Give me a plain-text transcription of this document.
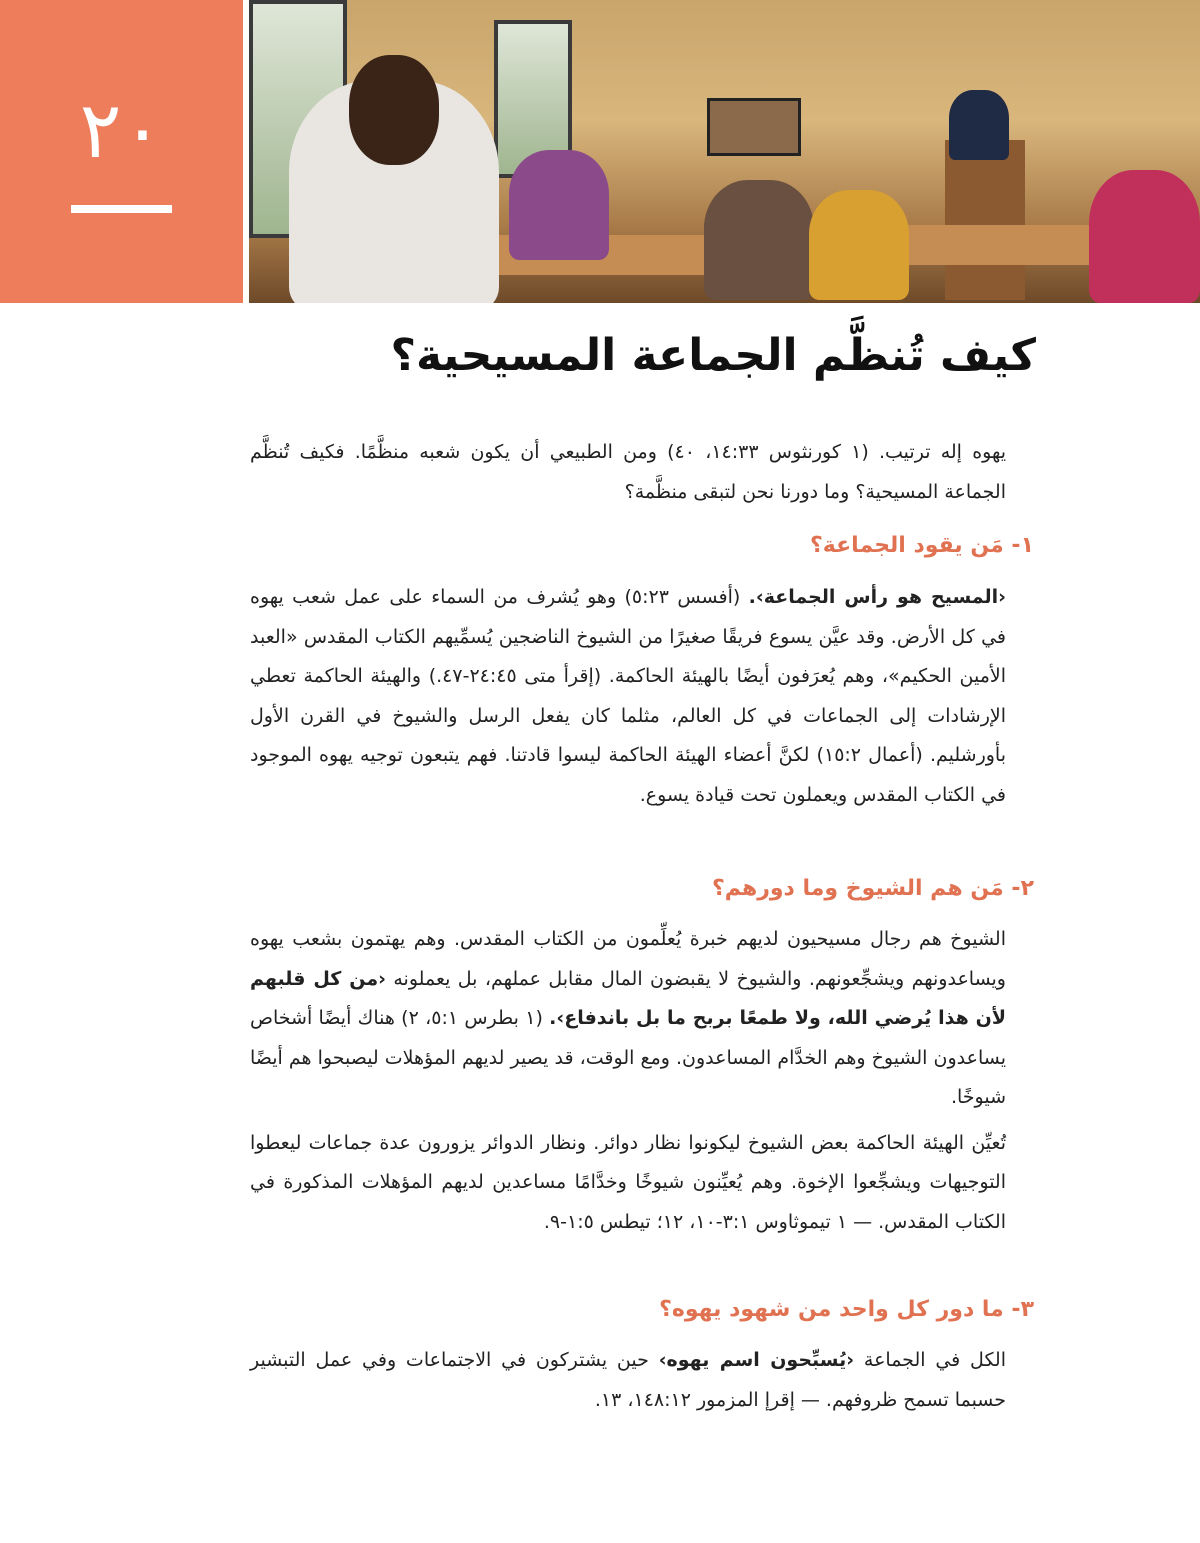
٢٠
كيف تُنظَّم الجماعة المسيحية؟

يهوه إله ترتيب. (١ كورنثوس ١٤:٣٣، ٤٠) ومن الطبيعي أن يكون شعبه منظَّمًا. فكيف تُنظَّم الجماعة المسيحية؟ وما دورنا نحن لتبقى منظَّمة؟

١- مَن يقود الجماعة؟

‹المسيح هو رأس الجماعة›. (أفسس ٥:٢٣) وهو يُشرف من السماء على عمل شعب يهوه في كل الأرض. وقد عيَّن يسوع فريقًا صغيرًا من الشيوخ الناضجين يُسمِّيهم الكتاب المقدس «العبد الأمين الحكيم»، وهم يُعرَفون أيضًا بالهيئة الحاكمة. (إقرأ متى ٢٤:٤٥-٤٧.) والهيئة الحاكمة تعطي الإرشادات إلى الجماعات في كل العالم، مثلما كان يفعل الرسل والشيوخ في القرن الأول بأورشليم. (أعمال ١٥:٢) لكنَّ أعضاء الهيئة الحاكمة ليسوا قادتنا. فهم يتبعون توجيه يهوه الموجود في الكتاب المقدس ويعملون تحت قيادة يسوع.

٢- مَن هم الشيوخ وما دورهم؟

الشيوخ هم رجال مسيحيون لديهم خبرة يُعلِّمون من الكتاب المقدس. وهم يهتمون بشعب يهوه ويساعدونهم ويشجِّعونهم. والشيوخ لا يقبضون المال مقابل عملهم، بل يعملونه ‹من كل قلبهم لأن هذا يُرضي الله، ولا طمعًا بربح ما بل باندفاع›. (١ بطرس ٥:١، ٢) هناك أيضًا أشخاص يساعدون الشيوخ وهم الخدَّام المساعدون. ومع الوقت، قد يصير لديهم المؤهلات ليصبحوا هم أيضًا شيوخًا.

تُعيِّن الهيئة الحاكمة بعض الشيوخ ليكونوا نظار دوائر. ونظار الدوائر يزورون عدة جماعات ليعطوا التوجيهات ويشجِّعوا الإخوة. وهم يُعيِّنون شيوخًا وخدَّامًا مساعدين لديهم المؤهلات المذكورة في الكتاب المقدس. — ١ تيموثاوس ٣:١-١٠، ١٢؛ تيطس ١:٥-٩.

٣- ما دور كل واحد من شهود يهوه؟

الكل في الجماعة ‹يُسبِّحون اسم يهوه› حين يشتركون في الاجتماعات وفي عمل التبشير حسبما تسمح ظروفهم. — إقرإ المزمور ١٤٨:١٢، ١٣.
